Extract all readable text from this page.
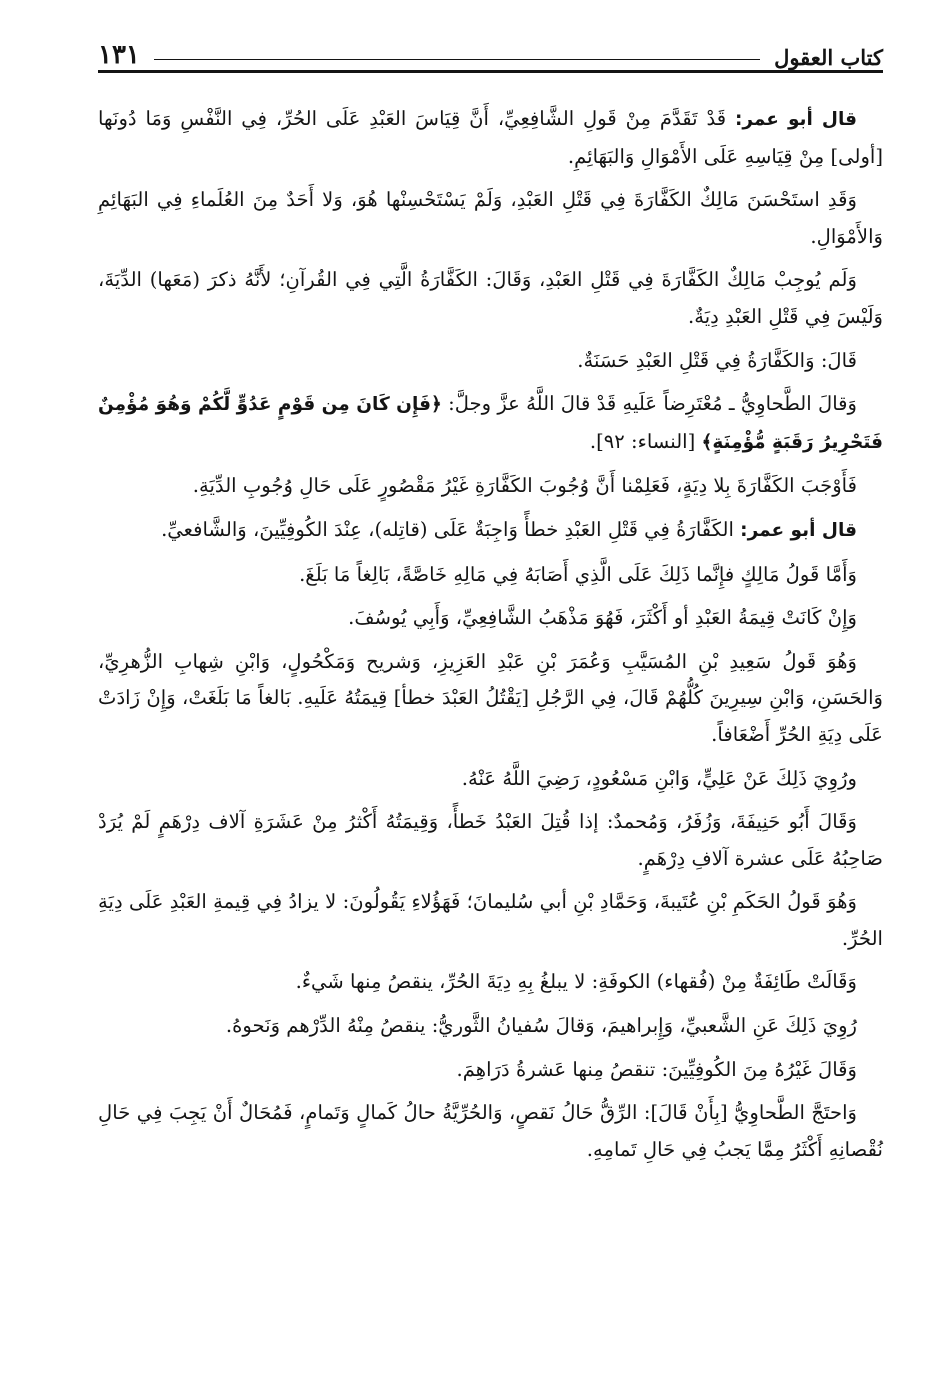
كتاب العقول
١٣١

قال أبو عمر: قَدْ تَقَدَّمَ مِنْ قَولِ الشَّافِعِيِّ، أَنَّ قِيَاسَ العَبْدِ عَلَى الحُرِّ، فِي النَّفْسِ وَمَا دُونَها [أولى] مِنْ قِيَاسِهِ عَلَى الأَمْوَالِ وَالبَهَائِمِ.

وَقَدِ استَحْسَنَ مَالِكٌ الكَفَّارَةَ فِي قَتْلِ العَبْدِ، وَلَمْ يَسْتَحْسِنْها هُوَ، وَلا أَحَدٌ مِنَ العُلَماءِ فِي البَهَائِمِ وَالأَمْوَالِ.

وَلَم يُوجِبْ مَالِكٌ الكَفَّارَةَ فِي قَتْلِ العَبْدِ، وَقَالَ: الكَفَّارَةُ الَّتِي فِي القُرآنِ؛ لأَنَّهُ ذكرَ (مَعَها) الدِّيَةَ، وَلَيْسَ فِي قَتْلِ العَبْدِ دِيَةٌ.

قَالَ: وَالكَفَّارَةُ فِي قَتْلِ العَبْدِ حَسَنَةٌ.

وَقالَ الطَّحاوِيُّ ـ مُعْتَرِضاً عَلَيهِ قَدْ قالَ اللَّهُ عزَّ وجلَّ: ﴿فَإِن كَانَ مِن قَوْمٍ عَدُوٍّ لَّكُمْ وَهُوَ مُؤْمِنٌ فَتَحْرِيرُ رَقَبَةٍ مُّؤْمِنَةٍ﴾ [النساء: ٩٢].

فَأَوْجَبَ الكَفَّارَةَ بِلا دِيَةٍ، فَعَلِمْنا أَنَّ وُجُوبَ الكَفَّارَةِ غَيْرُ مَقْصُورٍ عَلَى حَالِ وُجُوبِ الدِّيَةِ.

قال أبو عمر: الكَفَّارَةُ فِي قَتْلِ العَبْدِ خطأً وَاجِبَةٌ عَلَى (قاتِله)، عِنْدَ الكُوفِيِّينَ، وَالشَّافعيِّ.

وَأَمَّا قَولُ مَالِكٍ فإِنَّما ذَلِكَ عَلَى الَّذِي أَصَابَهُ فِي مَالِهِ خَاصَّةً، بَالِغاً مَا بَلَغَ.

وَإِنْ كَانَتْ قِيمَةُ العَبْدِ أو أَكْثَرَ، فَهُوَ مَذْهَبُ الشَّافِعِيِّ، وَأَبِي يُوسُفَ.

وَهُوَ قَولُ سَعِيدِ بْنِ المُسَيَّبِ وَعُمَرَ بْنِ عَبْدِ العَزِيزِ، وَشريح وَمَكْحُولٍ، وَابْنِ شِهابِ الزُّهرِيِّ، وَالحَسَنِ، وَابْنِ سِيرِينَ كُلُّهُمْ قَالَ، فِي الرَّجُلِ [يَقْتُلُ العَبْدَ خطأ] قِيمَتُهُ عَلَيهِ. بَالغاً مَا بَلَغَتْ، وَإِنْ زَادَتْ عَلَى دِيَةِ الحُرِّ أَضْعَافاً.

ورُوِيَ ذَلِكَ عَنْ عَلِيٍّ، وَابْنِ مَسْعُودٍ، رَضِيَ اللَّهُ عَنْهُ.

وَقَالَ أَبُو حَنِيفَةَ، وَزُفَرُ، وَمُحمدٌ: إذا قُتِلَ العَبْدُ خَطأً، وَقِيمَتُهُ أَكْثرُ مِنْ عَشَرَةِ آلاف دِرْهَمٍ لَمْ يُرَدْ صَاحِبُهُ عَلَى عشرة آلافِ دِرْهَمٍ.

وَهُوَ قَولُ الحَكَمِ بْنِ عُتَيبةَ، وَحَمَّادِ بْنِ أبي سُليمانَ؛ فَهَؤُلاءِ يَقُولُونَ: لا يزادُ فِي قِيمةِ العَبْدِ عَلَى دِيَةِ الحُرِّ.

وَقَالَتْ طَائِفَةٌ مِنْ (فُقهاء) الكوفَةِ: لا يبلغُ بِهِ دِيَةَ الحُرِّ، ينقصُ مِنها شَيءٌ.

رُوِيَ ذَلِكَ عَنِ الشَّعبيِّ، وَإِبراهيمَ، وَقالَ سُفيانُ الثَّوريُّ: ينقصُ مِنْهُ الدِّرْهم وَنَحوهُ.

وَقَالَ غَيْرُهُ مِنَ الكُوفِيِّينَ: تنقصُ مِنها عَشرةُ دَرَاهِمَ.

وَاحتَجَّ الطَّحاوِيُّ [بِأَنْ قَالَ]: الرِّقُّ حَالُ نَقصٍ، وَالحُرِّيَّةُ حالُ كَمالٍ وَتَمامٍ، فَمُحَالٌ أَنْ يَجِبَ فِي حَالِ نُقْصانِهِ أَكْثَرُ مِمَّا يَجبُ فِي حَالِ تَمامِهِ.
